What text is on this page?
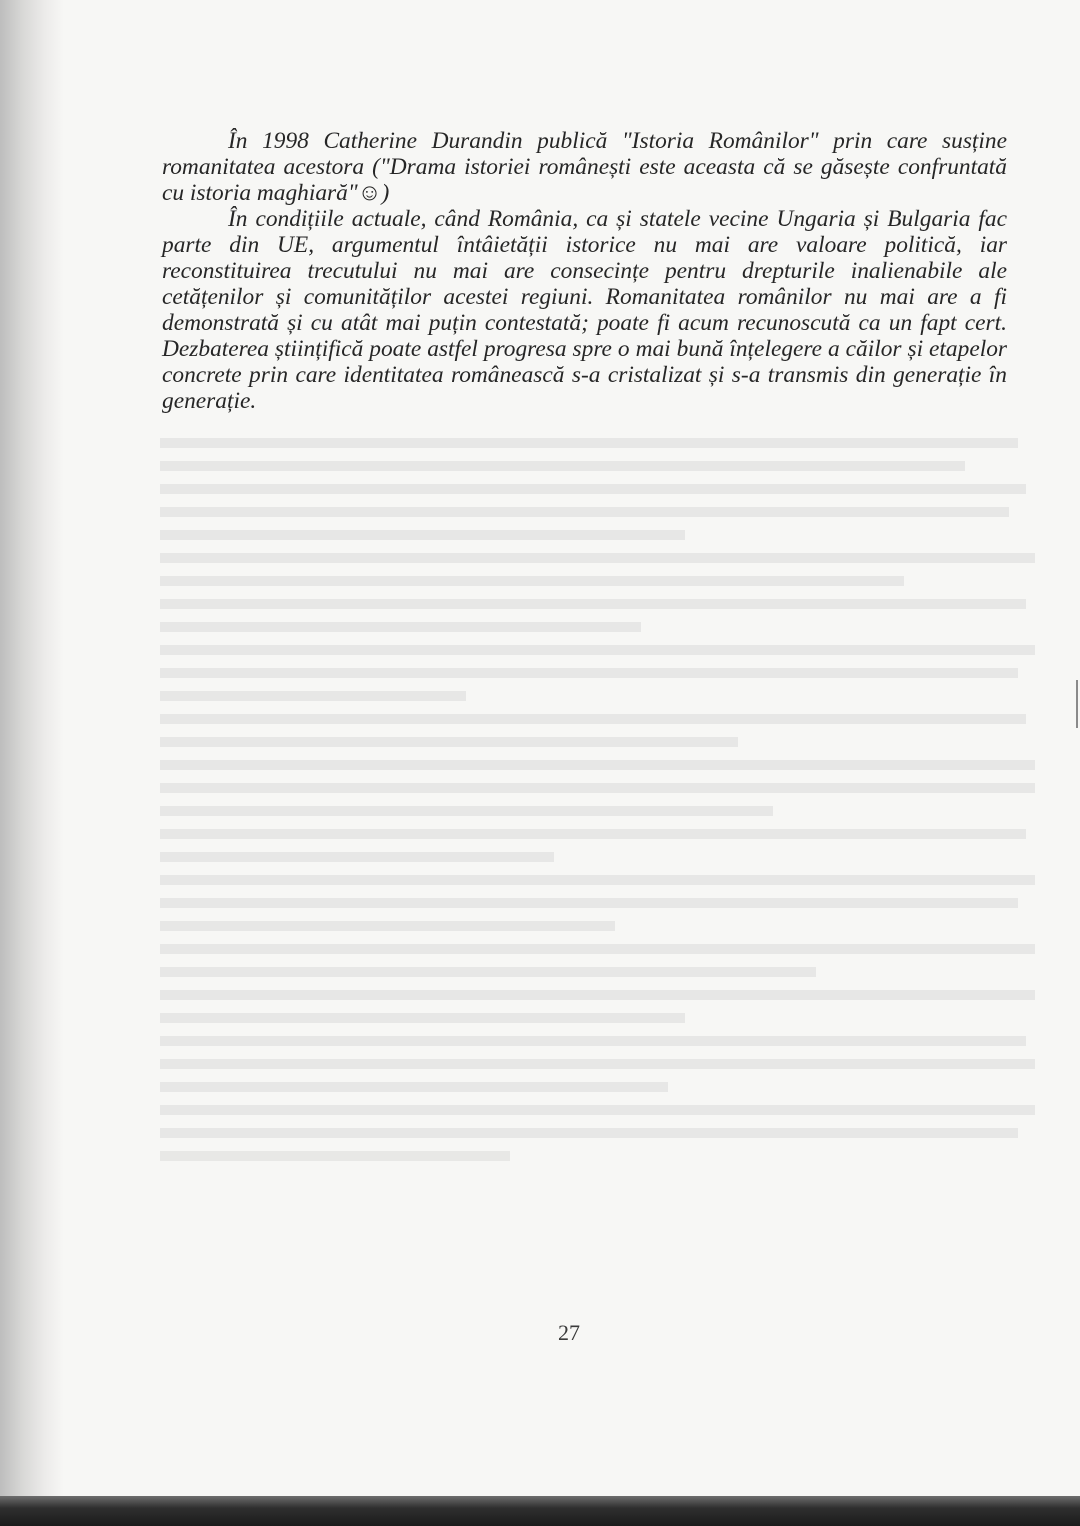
În 1998 Catherine Durandin publică "Istoria Românilor" prin care susține romanitatea acestora ("Drama istoriei românești este aceasta că se găsește confruntată cu istoria maghiară"☺)

În condițiile actuale, când România, ca și statele vecine Ungaria și Bulgaria fac parte din UE, argumentul întâietății istorice nu mai are valoare politică, iar reconstituirea trecutului nu mai are consecințe pentru drepturile inalienabile ale cetățenilor și comunităților acestei regiuni. Romanitatea românilor nu mai are a fi demonstrată și cu atât mai puțin contestată; poate fi acum recunoscută ca un fapt cert. Dezbaterea științifică poate astfel progresa spre o mai bună înțelegere a căilor și etapelor concrete prin care identitatea românească s-a cristalizat și s-a transmis din generație în generație.

27
